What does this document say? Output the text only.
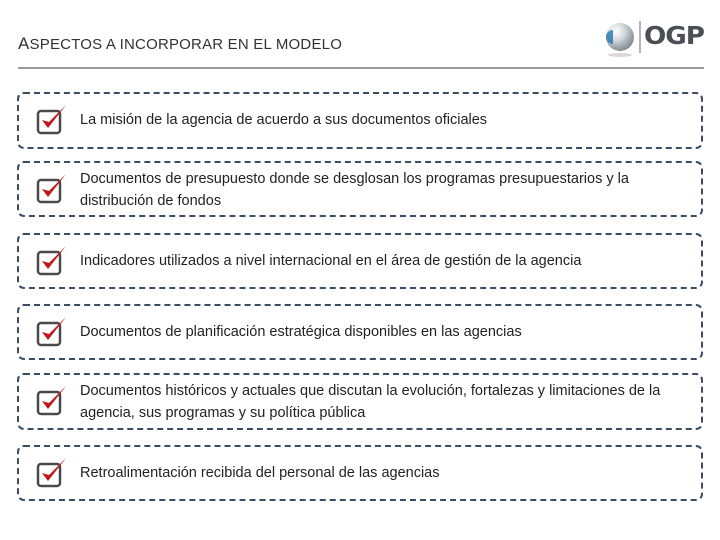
ASPECTOS A INCORPORAR EN EL MODELO	OGP
La misión de la agencia de acuerdo a sus documentos oficiales
Documentos de presupuesto donde se desglosan los programas presupuestarios y la distribución de fondos
Indicadores utilizados a nivel internacional en el área de gestión de la agencia
Documentos de planificación estratégica disponibles en las agencias
Documentos históricos y actuales que discutan la evolución, fortalezas y limitaciones de la agencia, sus programas y su política pública
Retroalimentación recibida del personal de las agencias
